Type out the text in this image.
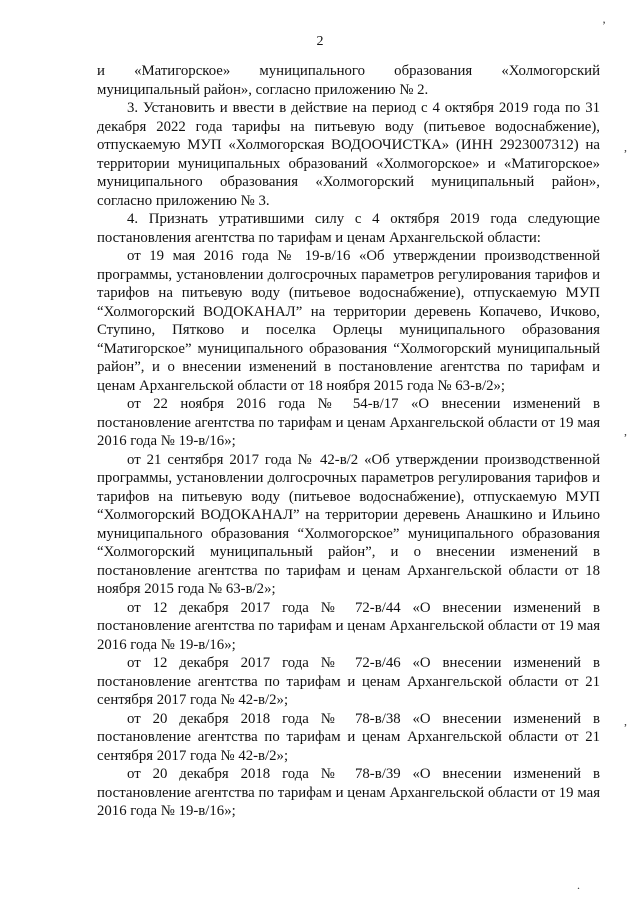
2

и «Матигорское» муниципального образования «Холмогорский муниципальный район», согласно приложению № 2.

3. Установить и ввести в действие на период с 4 октября 2019 года по 31 декабря 2022 года тарифы на питьевую воду (питьевое водоснабжение), отпускаемую МУП «Холмогорская ВОДООЧИСТКА» (ИНН 2923007312) на территории муниципальных образований «Холмогорское» и «Матигорское» муниципального образования «Холмогорский муниципальный район», согласно приложению № 3.

4. Признать утратившими силу с 4 октября 2019 года следующие постановления агентства по тарифам и ценам Архангельской области:

от 19 мая 2016 года № 19-в/16 «Об утверждении производственной программы, установлении долгосрочных параметров регулирования тарифов и тарифов на питьевую воду (питьевое водоснабжение), отпускаемую МУП “Холмогорский ВОДОКАНАЛ” на территории деревень Копачево, Ичково, Ступино, Пятково и поселка Орлецы муниципального образования “Матигорское” муниципального образования “Холмогорский муниципальный район”, и о внесении изменений в постановление агентства по тарифам и ценам Архангельской области от 18 ноября 2015 года № 63-в/2»;

от 22 ноября 2016 года № 54-в/17 «О внесении изменений в постановление агентства по тарифам и ценам Архангельской области от 19 мая 2016 года № 19-в/16»;

от 21 сентября 2017 года № 42-в/2 «Об утверждении производственной программы, установлении долгосрочных параметров регулирования тарифов и тарифов на питьевую воду (питьевое водоснабжение), отпускаемую МУП “Холмогорский ВОДОКАНАЛ” на территории деревень Анашкино и Ильино муниципального образования “Холмогорское” муниципального образования “Холмогорский муниципальный район”, и о внесении изменений в постановление агентства по тарифам и ценам Архангельской области от 18 ноября 2015 года № 63-в/2»;

от 12 декабря 2017 года № 72-в/44 «О внесении изменений в постановление агентства по тарифам и ценам Архангельской области от 19 мая 2016 года № 19-в/16»;

от 12 декабря 2017 года № 72-в/46 «О внесении изменений в постановление агентства по тарифам и ценам Архангельской области от 21 сентября 2017 года № 42-в/2»;

от 20 декабря 2018 года № 78-в/38 «О внесении изменений в постановление агентства по тарифам и ценам Архангельской области от 21 сентября 2017 года № 42-в/2»;

от 20 декабря 2018 года № 78-в/39 «О внесении изменений в постановление агентства по тарифам и ценам Архангельской области от 19 мая 2016 года № 19-в/16»;

’
,
,
,
.
